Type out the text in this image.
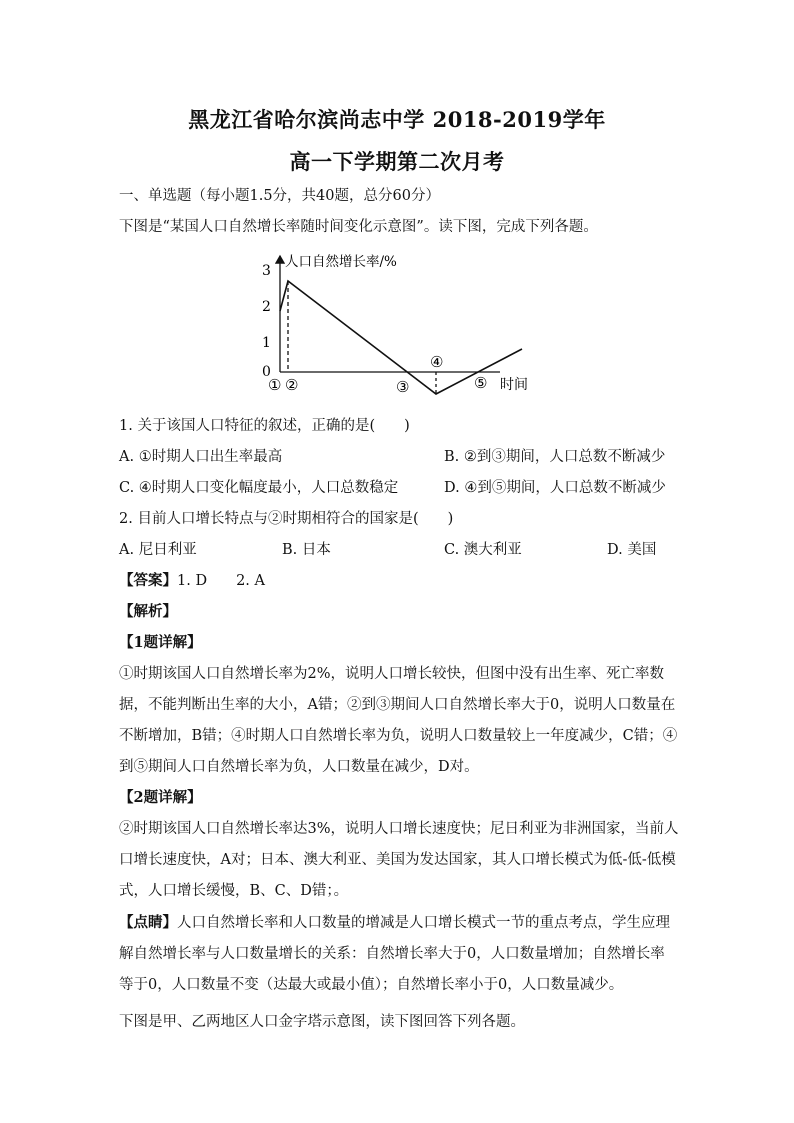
黑龙江省哈尔滨尚志中学 2018-2019学年
高一下学期第二次月考
一、单选题（每小题1.5分，共40题，总分60分）
下图是“某国人口自然增长率随时间变化示意图”。读下图，完成下列各题。
3
2
1
0
人口自然增长率/%
① ②	③
④
⑤ 时间
1. 关于该国人口特征的叙述，正确的是(　　)
A. ①时期人口出生率最高	B. ②到③期间，人口总数不断减少
C. ④时期人口变化幅度最小，人口总数稳定	D. ④到⑤期间，人口总数不断减少
2. 目前人口增长特点与②时期相符合的国家是(　　)
A. 尼日利亚	B. 日本	C. 澳大利亚	D. 美国
【答案】1. D　　2. A
【解析】
【1题详解】
①时期该国人口自然增长率为2%，说明人口增长较快，但图中没有出生率、死亡率数据，不能判断出生率的大小，A错；②到③期间人口自然增长率大于0，说明人口数量在不断增加，B错；④时期人口自然增长率为负，说明人口数量较上一年度减少，C错；④到⑤期间人口自然增长率为负，人口数量在减少，D对。
【2题详解】
②时期该国人口自然增长率达3%，说明人口增长速度快；尼日利亚为非洲国家，当前人口增长速度快，A对；日本、澳大利亚、美国为发达国家，其人口增长模式为低-低-低模式，人口增长缓慢，B、C、D错；。
【点睛】人口自然增长率和人口数量的增减是人口增长模式一节的重点考点，学生应理解自然增长率与人口数量增长的关系：自然增长率大于0，人口数量增加；自然增长率等于0，人口数量不变（达最大或最小值）；自然增长率小于0，人口数量减少。
下图是甲、乙两地区人口金字塔示意图，读下图回答下列各题。
